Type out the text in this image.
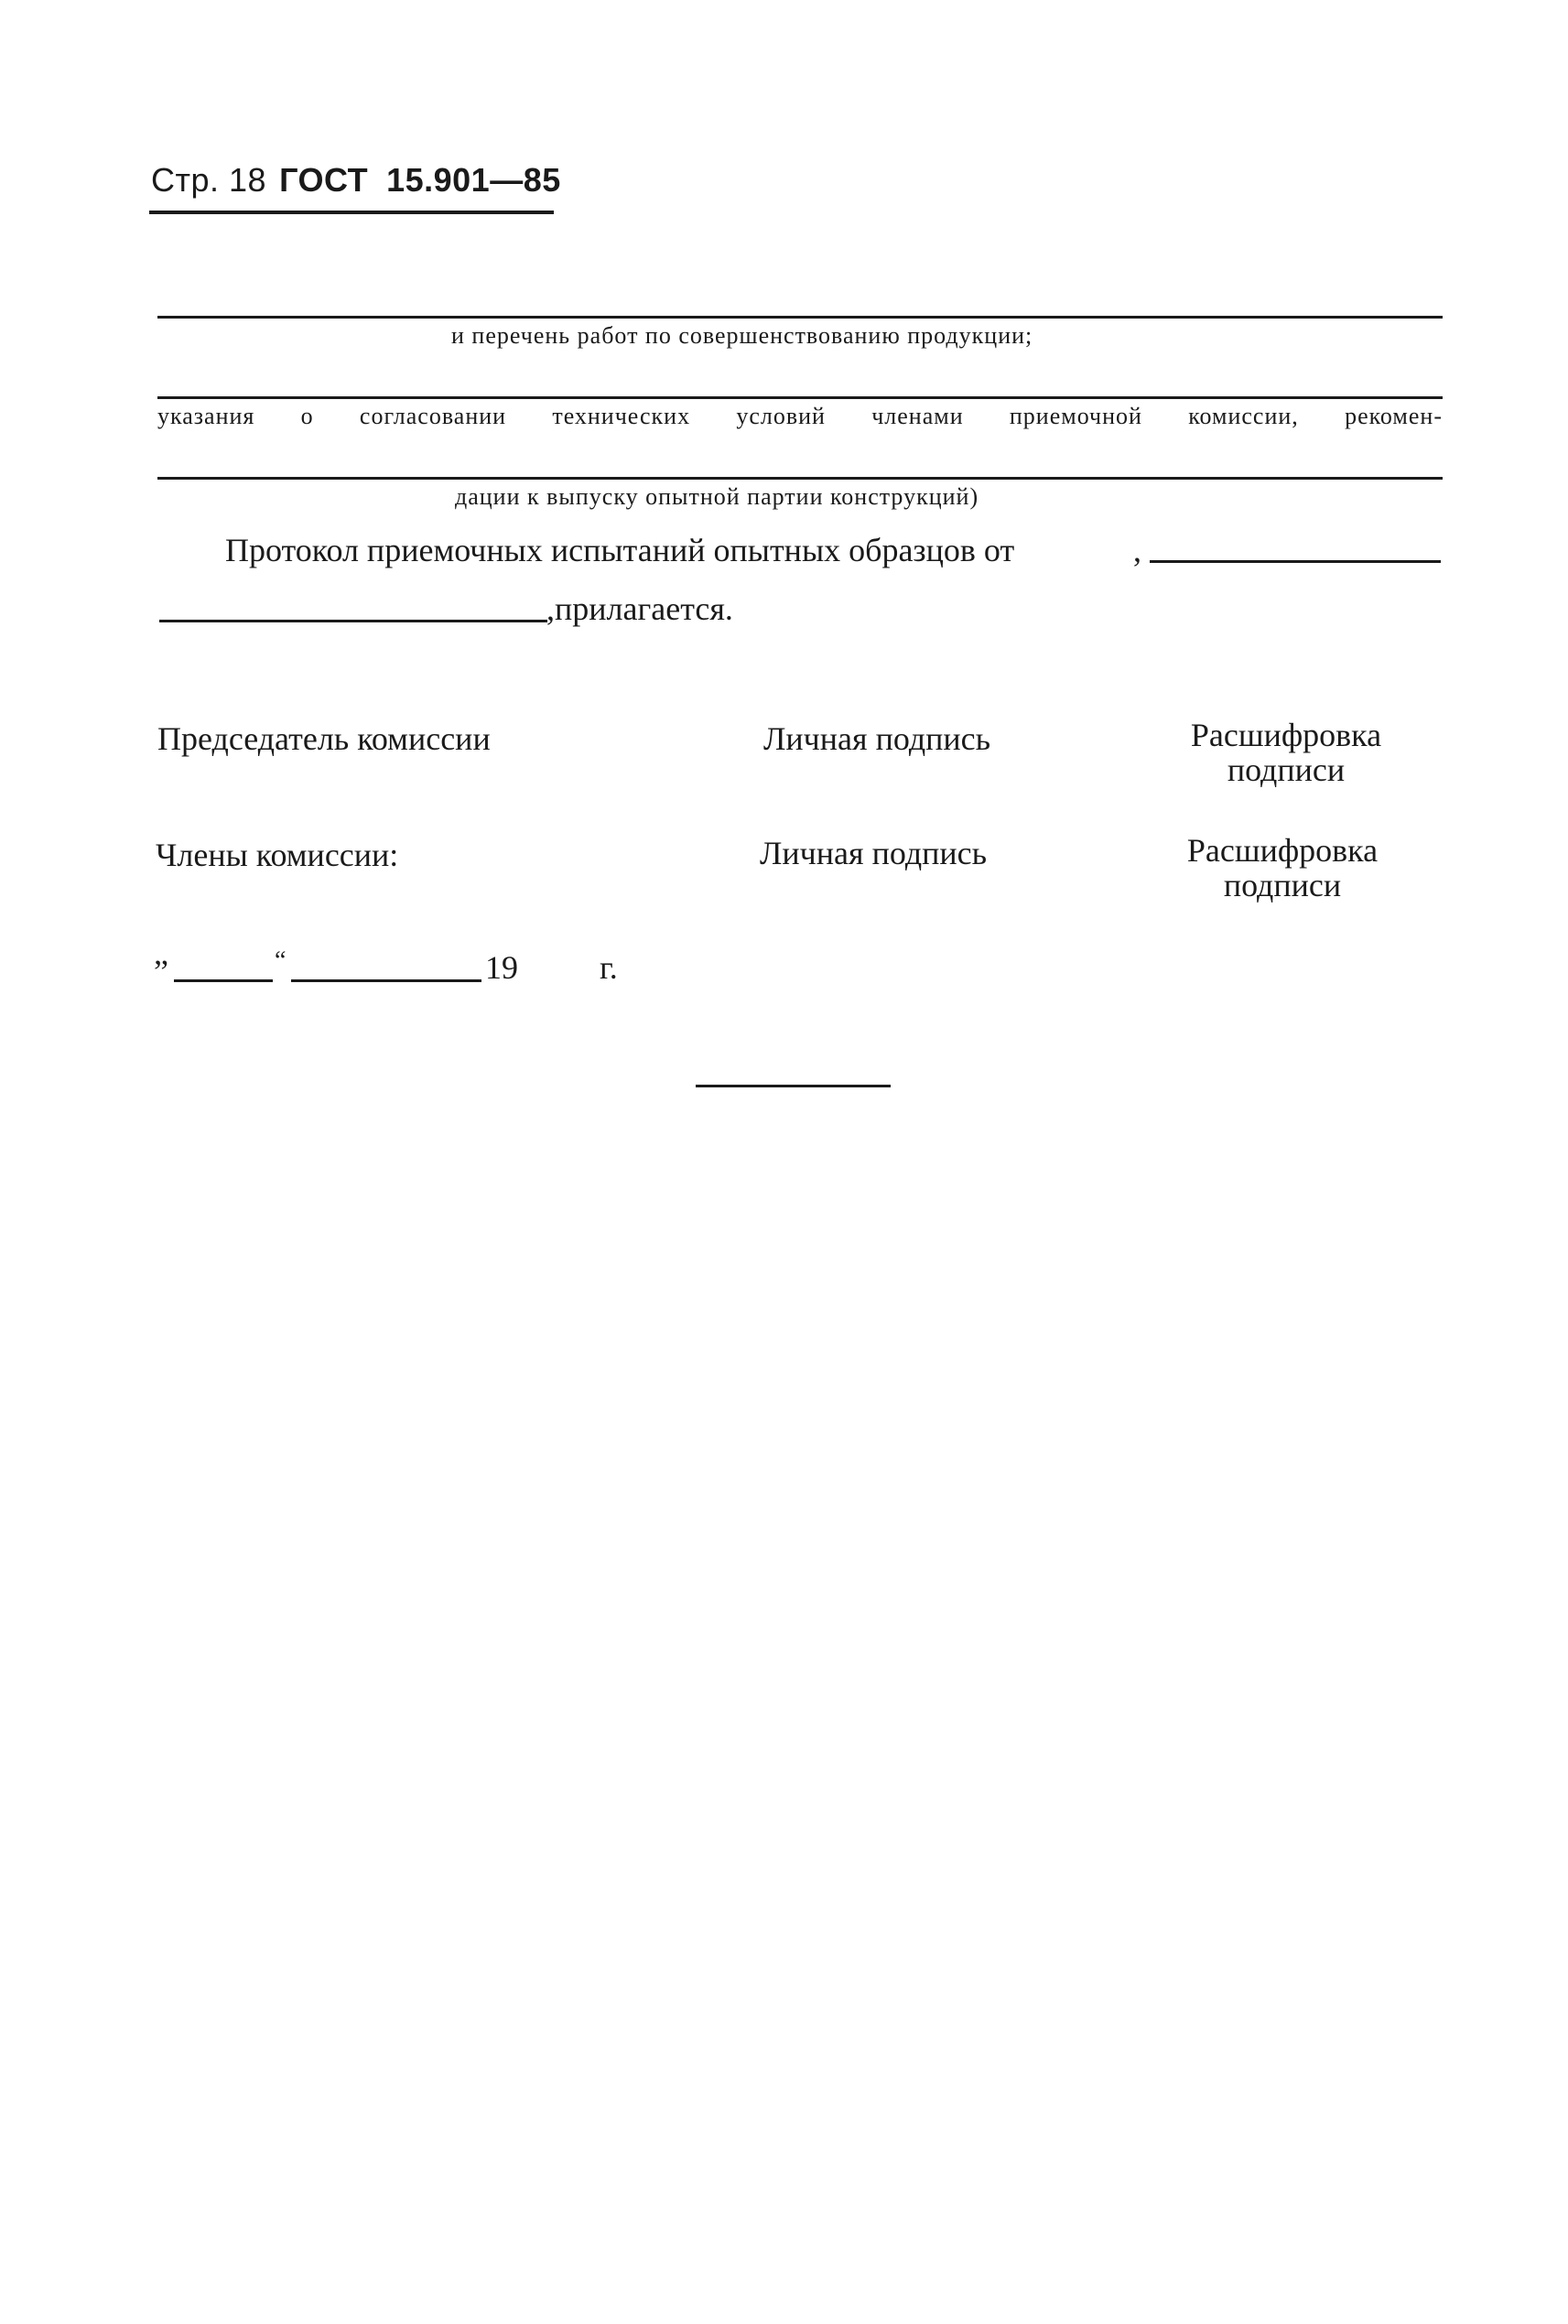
Стр. 18 ГОСТ 15.901—85
и перечень работ по совершенствованию продукции;
указания о согласовании технических условий членами приемочной комиссии, рекомен-
дации к выпуску опытной партии конструкций)
Протокол приемочных испытаний опытных образцов от	,
,прилагается.
Председатель комиссии	Личная подпись	Расшифровка
подписи
Члены комиссии:	Личная подпись	Расшифровка
подписи
„	“	19 г.
